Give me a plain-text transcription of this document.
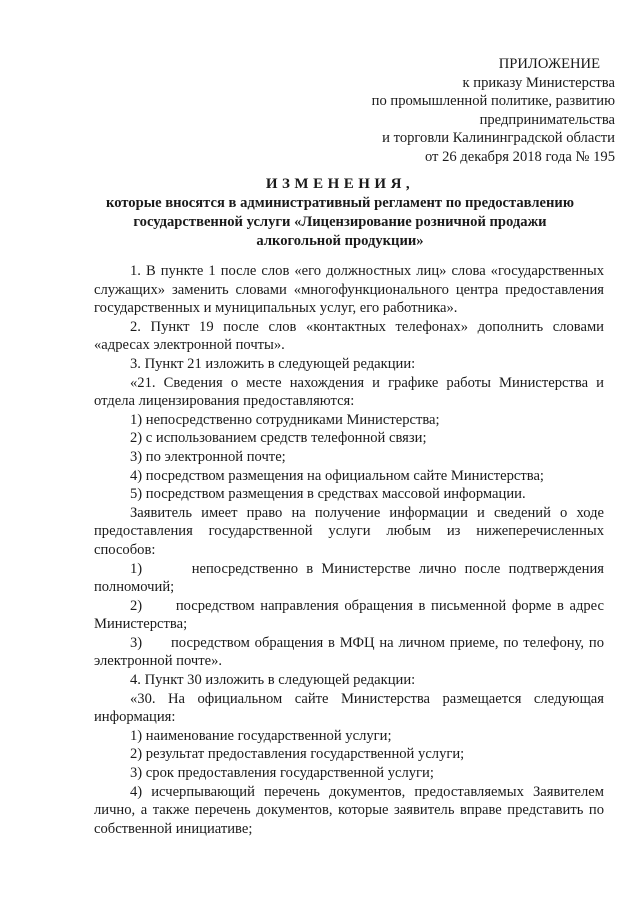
ПРИЛОЖЕНИЕ
к приказу Министерства
по промышленной политике, развитию
предпринимательства
и торговли Калининградской области
от 26 декабря 2018 года № 195
ИЗМЕНЕНИЯ,
которые вносятся в административный регламент по предоставлению
государственной услуги «Лицензирование розничной продажи
алкогольной продукции»

1. В пункте 1 после слов «его должностных лиц» слова «государственных служащих» заменить словами «многофункционального центра предоставления государственных и муниципальных услуг, его работника».

2. Пункт 19 после слов «контактных телефонах» дополнить словами «адресах электронной почты».

3. Пункт 21 изложить в следующей редакции:

«21. Сведения о месте нахождения и графике работы Министерства и отдела лицензирования предоставляются:

1) непосредственно сотрудниками Министерства;

2) с использованием средств телефонной связи;

3) по электронной почте;

4) посредством размещения на официальном сайте Министерства;

5) посредством размещения в средствах массовой информации.

Заявитель имеет право на получение информации и сведений о ходе предоставления государственной услуги любым из нижеперечисленных способов:

1)      непосредственно в Министерстве лично после подтверждения полномочий;

2)      посредством направления обращения в письменной форме в адрес Министерства;

3)      посредством обращения в МФЦ на личном приеме, по телефону, по электронной почте».

4. Пункт 30 изложить в следующей редакции:

«30. На официальном сайте Министерства размещается следующая информация:

1) наименование государственной услуги;

2) результат предоставления государственной услуги;

3) срок предоставления государственной услуги;

4) исчерпывающий перечень документов, предоставляемых Заявителем лично, а также перечень документов, которые заявитель вправе представить по собственной инициативе;
